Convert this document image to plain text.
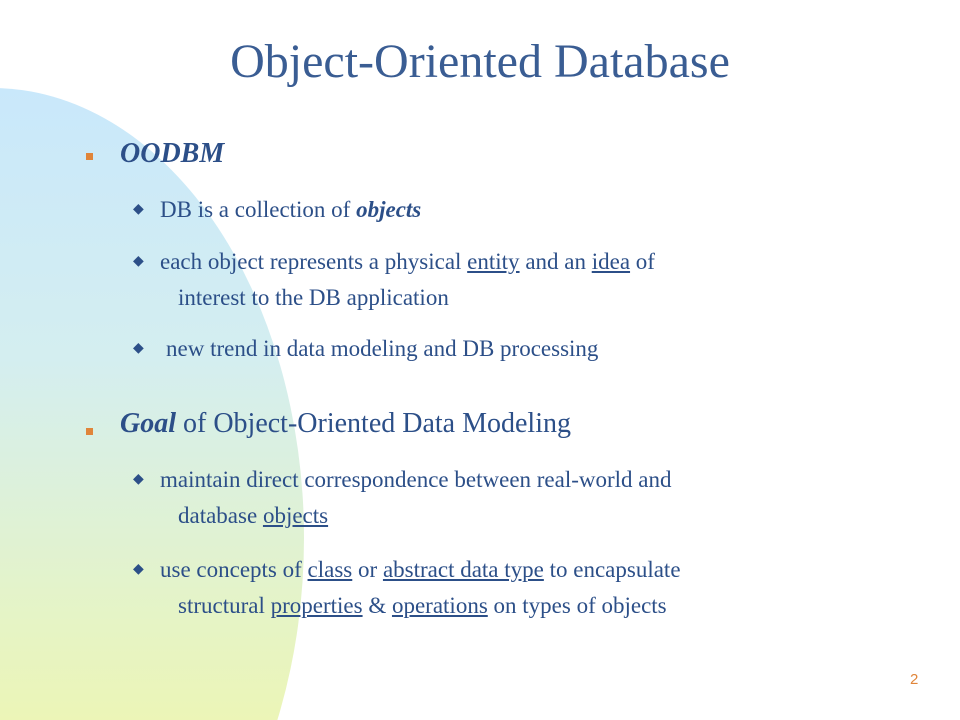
Object-Oriented Database
OODBM
◆ DB is a collection of objects
◆ each object represents a physical entity and an idea of
interest to the DB application
◆ new trend in data modeling and DB processing
Goal of Object-Oriented Data Modeling
◆ maintain direct correspondence between real-world and
database objects
◆ use concepts of class or abstract data type to encapsulate
structural properties & operations on types of objects
2
